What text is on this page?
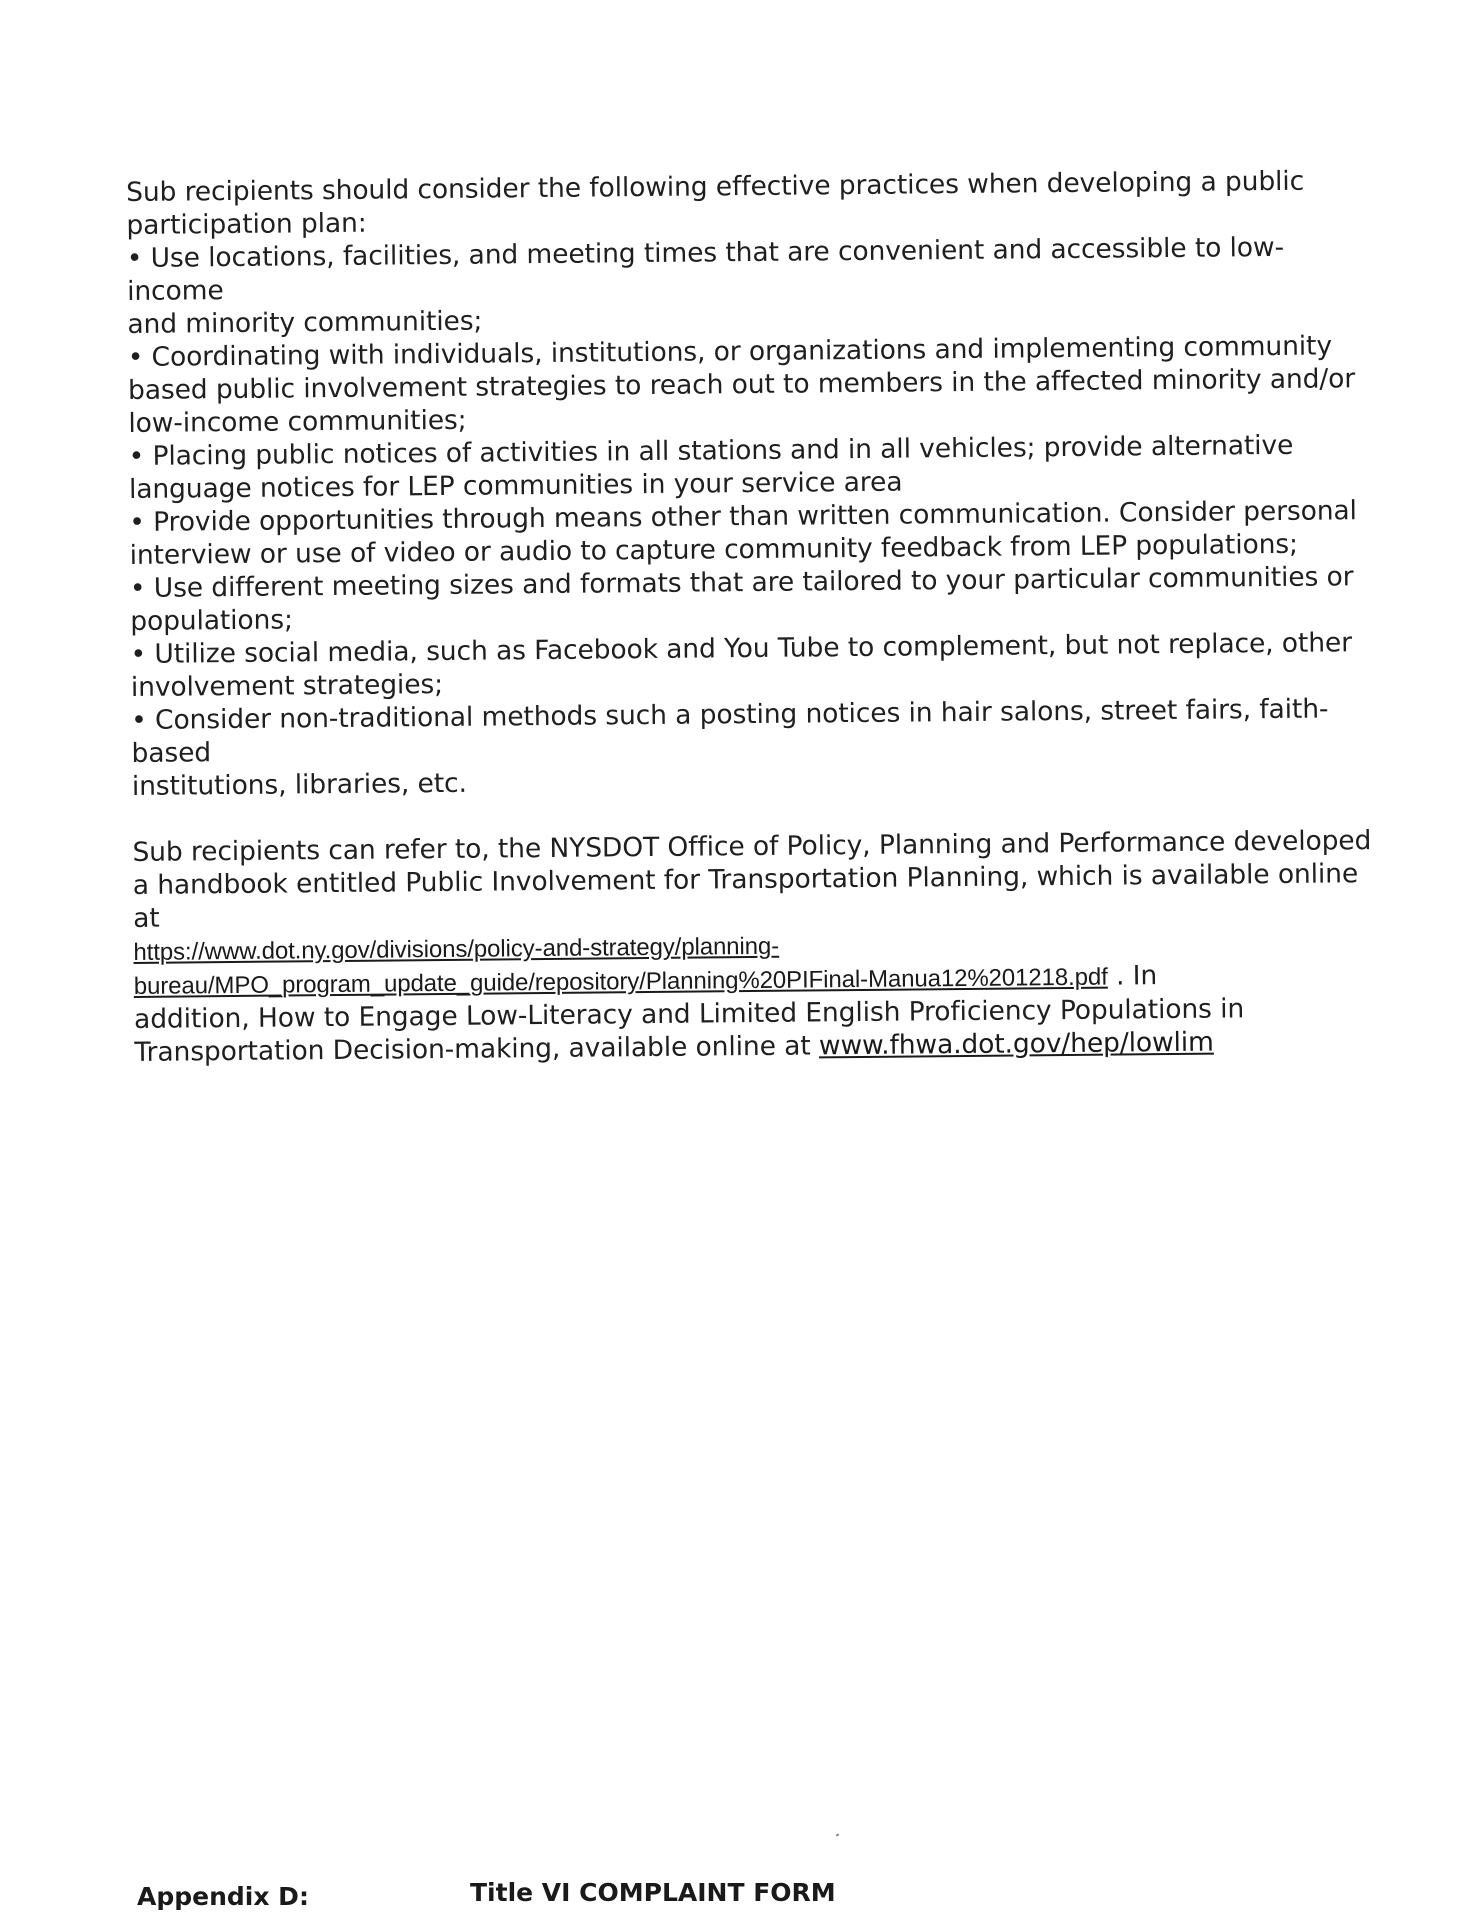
Sub recipients should consider the following effective practices when developing a public
participation plan:

• Use locations, facilities, and meeting times that are convenient and accessible to low-income

and minority communities;

• Coordinating with individuals, institutions, or organizations and implementing community

based public involvement strategies to reach out to members in the affected minority and/or

low-income communities;

• Placing public notices of activities in all stations and in all vehicles; provide alternative

language notices for LEP communities in your service area

• Provide opportunities through means other than written communication. Consider personal

interview or use of video or audio to capture community feedback from LEP populations;

• Use different meeting sizes and formats that are tailored to your particular communities or

populations;

• Utilize social media, such as Facebook and You Tube to complement, but not replace, other

involvement strategies;

• Consider non-traditional methods such a posting notices in hair salons, street fairs, faith-based

institutions, libraries, etc.

Sub recipients can refer to, the NYSDOT Office of Policy, Planning and Performance developed

a handbook entitled Public Involvement for Transportation Planning, which is available online at

https://www.dot.ny.gov/divisions/policy-and-strategy/planning-

bureau/MPO_program_update_guide/repository/Planning%20PIFinal-Manua12%201218.pdf . In

addition, How to Engage Low-Literacy and Limited English Proficiency Populations in

Transportation Decision-making, available online at www.fhwa.dot.gov/hep/lowlim

Appendix D:	Title VI COMPLAINT FORM
